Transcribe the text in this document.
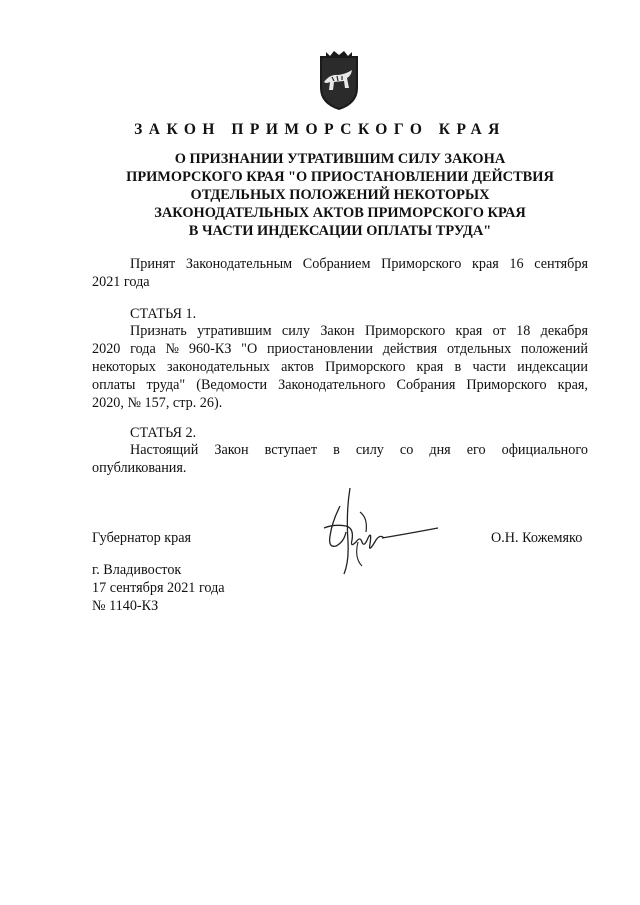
ЗАКОН ПРИМОРСКОГО КРАЯ
О ПРИЗНАНИИ УТРАТИВШИМ СИЛУ ЗАКОНА
ПРИМОРСКОГО КРАЯ "О ПРИОСТАНОВЛЕНИИ ДЕЙСТВИЯ
ОТДЕЛЬНЫХ ПОЛОЖЕНИЙ НЕКОТОРЫХ
ЗАКОНОДАТЕЛЬНЫХ АКТОВ ПРИМОРСКОГО КРАЯ
В ЧАСТИ ИНДЕКСАЦИИ ОПЛАТЫ ТРУДА"
Принят Законодательным Собранием Приморского края 16 сентября
2021 года
СТАТЬЯ 1.
Признать утратившим силу Закон Приморского края от 18 декабря
2020 года № 960-КЗ "О приостановлении действия отдельных положений
некоторых законодательных актов Приморского края в части индексации
оплаты труда" (Ведомости Законодательного Собрания Приморского края,
2020, № 157, стр. 26).
СТАТЬЯ 2.
Настоящий Закон вступает в силу со дня его официального
опубликования.
Губернатор края	О.Н. Кожемяко
г. Владивосток
17 сентября 2021 года
№ 1140-КЗ
